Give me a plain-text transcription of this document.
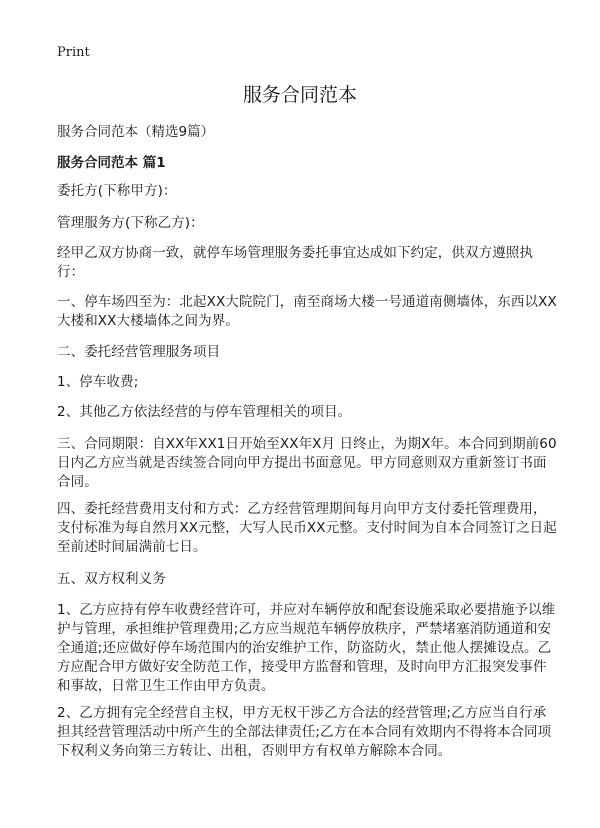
Print
服务合同范本

服务合同范本（精选9篇）

服务合同范本 篇1

委托方(下称甲方)：

管理服务方(下称乙方)：

经甲乙双方协商一致，就停车场管理服务委托事宜达成如下约定，供双方遵照执行：

一、停车场四至为：北起XX大院院门，南至商场大楼一号通道南侧墙体，东西以XX大楼和XX大楼墙体之间为界。

二、委托经营管理服务项目

1、停车收费;

2、其他乙方依法经营的与停车管理相关的项目。

三、合同期限：自XX年XX1日开始至XX年X月 日终止，为期X年。本合同到期前60日内乙方应当就是否续签合同向甲方提出书面意见。甲方同意则双方重新签订书面合同。

四、委托经营费用支付和方式：乙方经营管理期间每月向甲方支付委托管理费用，支付标准为每自然月XX元整，大写人民币XX元整。支付时间为自本合同签订之日起至前述时间届满前七日。

五、双方权利义务

1、乙方应持有停车收费经营许可，并应对车辆停放和配套设施采取必要措施予以维护与管理，承担维护管理费用;乙方应当规范车辆停放秩序，严禁堵塞消防通道和安全通道;还应做好停车场范围内的治安维护工作，防盗防火，禁止他人摆摊设点。乙方应配合甲方做好安全防范工作，接受甲方监督和管理，及时向甲方汇报突发事件和事故，日常卫生工作由甲方负责。

2、乙方拥有完全经营自主权，甲方无权干涉乙方合法的经营管理;乙方应当自行承担其经营管理活动中所产生的全部法律责任;乙方在本合同有效期内不得将本合同项下权利义务向第三方转让、出租，否则甲方有权单方解除本合同。
